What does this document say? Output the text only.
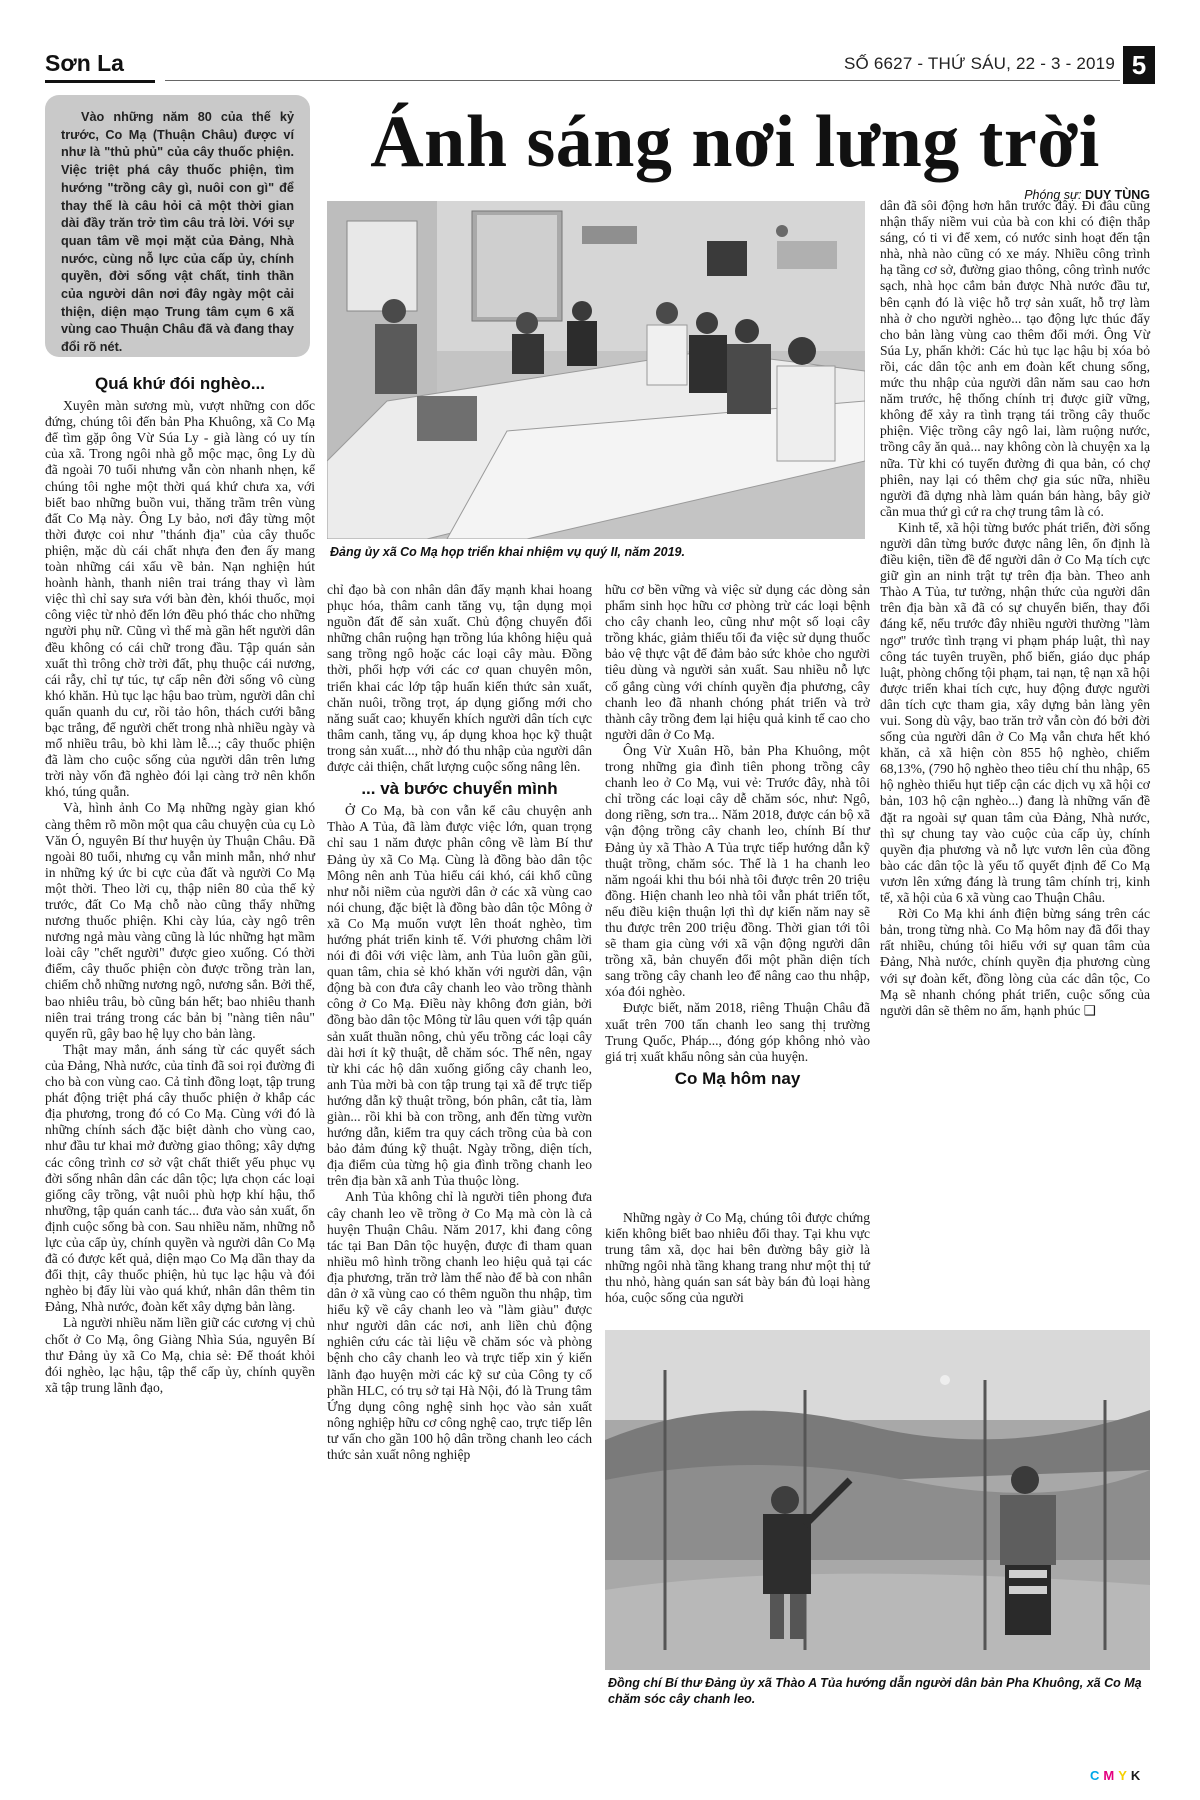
Sơn La	SỐ 6627 - THỨ SÁU, 22 - 3 - 2019 5

Vào những năm 80 của thế kỷ trước, Co Mạ (Thuận Châu) được ví như là "thủ phủ" của cây thuốc phiện. Việc triệt phá cây thuốc phiện, tìm hướng "trồng cây gì, nuôi con gì" để thay thế là câu hỏi cả một thời gian dài đầy trăn trở tìm câu trả lời. Với sự quan tâm về mọi mặt của Đảng, Nhà nước, cùng nỗ lực của cấp ủy, chính quyền, đời sống vật chất, tinh thần của người dân nơi đây ngày một cải thiện, diện mạo Trung tâm cụm 6 xã vùng cao Thuận Châu đã và đang thay đổi rõ nét.

Ánh sáng nơi lưng trời
Phóng sự: DUY TÙNG
Đảng ủy xã Co Mạ họp triển khai nhiệm vụ quý II, năm 2019.
Quá khứ đói nghèo...

Xuyên màn sương mù, vượt những con dốc đứng, chúng tôi đến bản Pha Khuông, xã Co Mạ để tìm gặp ông Vừ Súa Ly - già làng có uy tín của xã. Trong ngôi nhà gỗ mộc mạc, ông Ly dù đã ngoài 70 tuổi nhưng vẫn còn nhanh nhẹn, kể chúng tôi nghe một thời quá khứ chưa xa, với biết bao những buồn vui, thăng trầm trên vùng đất Co Mạ này. Ông Ly bảo, nơi đây từng một thời được coi như "thánh địa" của cây thuốc phiện, mặc dù cái chất nhựa đen đen ấy mang toàn những cái xấu về bản. Nạn nghiện hút hoành hành, thanh niên trai tráng thay vì làm việc thì chỉ say sưa với bàn đèn, khói thuốc, mọi công việc từ nhỏ đến lớn đều phó thác cho những người phụ nữ. Cũng vì thế mà gần hết người dân đều không có cái chữ trong đầu. Tập quán sản xuất thì trông chờ trời đất, phụ thuộc cái nương, cái rẫy, chỉ tự túc, tự cấp nên đời sống vô cùng khó khăn. Hủ tục lạc hậu bao trùm, người dân chỉ quẩn quanh du cư, rồi tảo hôn, thách cưới bằng bạc trắng, để người chết trong nhà nhiều ngày và mổ nhiều trâu, bò khi làm lễ...; cây thuốc phiện đã làm cho cuộc sống của người dân trên lưng trời này vốn đã nghèo đói lại càng trở nên khốn khó, túng quẫn.

Và, hình ảnh Co Mạ những ngày gian khó càng thêm rõ mồn một qua câu chuyện của cụ Lò Văn Ó, nguyên Bí thư huyện ủy Thuận Châu. Đã ngoài 80 tuổi, nhưng cụ vẫn minh mẫn, nhớ như in những ký ức bi cực của đất và người Co Mạ một thời. Theo lời cụ, thập niên 80 của thế kỷ trước, đất Co Mạ chỗ nào cũng thấy những nương thuốc phiện. Khi cày lúa, cày ngô trên nương ngả màu vàng cũng là lúc những hạt mầm loài cây "chết người" được gieo xuống. Có thời điểm, cây thuốc phiện còn được trồng tràn lan, chiếm chỗ những nương ngô, nương sắn. Bởi thế, bao nhiêu trâu, bò cũng bán hết; bao nhiêu thanh niên trai tráng trong các bản bị "nàng tiên nâu" quyến rũ, gây bao hệ lụy cho bản làng.

Thật may mắn, ánh sáng từ các quyết sách của Đảng, Nhà nước, của tỉnh đã soi rọi đường đi cho bà con vùng cao. Cả tỉnh đồng loạt, tập trung phát động triệt phá cây thuốc phiện ở khắp các địa phương, trong đó có Co Mạ. Cùng với đó là những chính sách đặc biệt dành cho vùng cao, như đầu tư khai mở đường giao thông; xây dựng các công trình cơ sở vật chất thiết yếu phục vụ đời sống nhân dân các dân tộc; lựa chọn các loại giống cây trồng, vật nuôi phù hợp khí hậu, thổ nhưỡng, tập quán canh tác... đưa vào sản xuất, ổn định cuộc sống bà con. Sau nhiều năm, những nỗ lực của cấp ủy, chính quyền và người dân Co Mạ đã có được kết quả, diện mạo Co Mạ dần thay da đổi thịt, cây thuốc phiện, hủ tục lạc hậu và đói nghèo bị đẩy lùi vào quá khứ, nhân dân thêm tin Đảng, Nhà nước, đoàn kết xây dựng bản làng.

Là người nhiều năm liền giữ các cương vị chủ chốt ở Co Mạ, ông Giàng Nhìa Súa, nguyên Bí thư Đảng ủy xã Co Mạ, chia sẻ: Để thoát khỏi đói nghèo, lạc hậu, tập thể cấp ủy, chính quyền xã tập trung lãnh đạo,

chỉ đạo bà con nhân dân đẩy mạnh khai hoang phục hóa, thâm canh tăng vụ, tận dụng mọi nguồn đất để sản xuất. Chủ động chuyển đổi những chân ruộng hạn trồng lúa không hiệu quả sang trồng ngô hoặc các loại cây màu. Đồng thời, phối hợp với các cơ quan chuyên môn, triển khai các lớp tập huấn kiến thức sản xuất, chăn nuôi, trồng trọt, áp dụng giống mới cho năng suất cao; khuyến khích người dân tích cực thâm canh, tăng vụ, áp dụng khoa học kỹ thuật trong sản xuất..., nhờ đó thu nhập của người dân được cải thiện, chất lượng cuộc sống nâng lên.

... và bước chuyển mình

Ở Co Mạ, bà con vẫn kể câu chuyện anh Thào A Tủa, đã làm được việc lớn, quan trọng chỉ sau 1 năm được phân công về làm Bí thư Đảng ủy xã Co Mạ. Cùng là đồng bào dân tộc Mông nên anh Tủa hiểu cái khó, cái khổ cũng như nỗi niềm của người dân ở các xã vùng cao nói chung, đặc biệt là đồng bào dân tộc Mông ở xã Co Mạ muốn vượt lên thoát nghèo, tìm hướng phát triển kinh tế. Với phương châm lời nói đi đôi với việc làm, anh Tủa luôn gần gũi, quan tâm, chia sẻ khó khăn với người dân, vận động bà con đưa cây chanh leo vào trồng thành công ở Co Mạ. Điều này không đơn giản, bởi đồng bào dân tộc Mông từ lâu quen với tập quán sản xuất thuần nông, chủ yếu trồng các loại cây dài hơi ít kỹ thuật, dễ chăm sóc. Thế nên, ngay từ khi các hộ dân xuống giống cây chanh leo, anh Tủa mời bà con tập trung tại xã để trực tiếp hướng dẫn kỹ thuật trồng, bón phân, cắt tỉa, làm giàn... rồi khi bà con trồng, anh đến từng vườn hướng dẫn, kiểm tra quy cách trồng của bà con bảo đảm đúng kỹ thuật. Ngày trồng, diện tích, địa điểm của từng hộ gia đình trồng chanh leo trên địa bàn xã anh Tủa thuộc lòng.

Anh Tủa không chỉ là người tiên phong đưa cây chanh leo về trồng ở Co Mạ mà còn là cả huyện Thuận Châu. Năm 2017, khi đang công tác tại Ban Dân tộc huyện, được đi tham quan nhiều mô hình trồng chanh leo hiệu quả tại các địa phương, trăn trở làm thế nào để bà con nhân dân ở xã vùng cao có thêm nguồn thu nhập, tìm hiểu kỹ về cây chanh leo và "làm giàu" được như người dân các nơi, anh liền chủ động nghiên cứu các tài liệu về chăm sóc và phòng bệnh cho cây chanh leo và trực tiếp xin ý kiến lãnh đạo huyện mời các kỹ sư của Công ty cổ phần HLC, có trụ sở tại Hà Nội, đó là Trung tâm Ứng dụng công nghệ sinh học vào sản xuất nông nghiệp hữu cơ công nghệ cao, trực tiếp lên tư vấn cho gần 100 hộ dân trồng chanh leo cách thức sản xuất nông nghiệp

hữu cơ bền vững và việc sử dụng các dòng sản phẩm sinh học hữu cơ phòng trừ các loại bệnh cho cây chanh leo, cũng như một số loại cây trồng khác, giảm thiểu tối đa việc sử dụng thuốc bảo vệ thực vật để đảm bảo sức khỏe cho người tiêu dùng và người sản xuất. Sau nhiều nỗ lực cố gắng cùng với chính quyền địa phương, cây chanh leo đã nhanh chóng phát triển và trở thành cây trồng đem lại hiệu quả kinh tế cao cho người dân ở Co Mạ.

Ông Vừ Xuân Hồ, bản Pha Khuông, một trong những gia đình tiên phong trồng cây chanh leo ở Co Mạ, vui vẻ: Trước đây, nhà tôi chỉ trồng các loại cây dễ chăm sóc, như: Ngô, dong riềng, sơn tra... Năm 2018, được cán bộ xã vận động trồng cây chanh leo, chính Bí thư Đảng ủy xã Thào A Tủa trực tiếp hướng dẫn kỹ thuật trồng, chăm sóc. Thế là 1 ha chanh leo năm ngoái khi thu bói nhà tôi được trên 20 triệu đồng. Hiện chanh leo nhà tôi vẫn phát triển tốt, nếu điều kiện thuận lợi thì dự kiến năm nay sẽ thu được trên 200 triệu đồng. Thời gian tới tôi sẽ tham gia cùng với xã vận động người dân trồng xã, bản chuyển đổi một phần diện tích sang trồng cây chanh leo để nâng cao thu nhập, xóa đói nghèo.

Được biết, năm 2018, riêng Thuận Châu đã xuất trên 700 tấn chanh leo sang thị trường Trung Quốc, Pháp..., đóng góp không nhỏ vào giá trị xuất khẩu nông sản của huyện.

Co Mạ hôm nay

Những ngày ở Co Mạ, chúng tôi được chứng kiến không biết bao nhiêu đổi thay. Tại khu vực trung tâm xã, dọc hai bên đường bây giờ là những ngôi nhà tầng khang trang như một thị tứ thu nhỏ, hàng quán san sát bày bán đủ loại hàng hóa, cuộc sống của người

dân đã sôi động hơn hẳn trước đây. Đi đâu cũng nhận thấy niềm vui của bà con khi có điện thắp sáng, có ti vi để xem, có nước sinh hoạt đến tận nhà, nhà nào cũng có xe máy. Nhiều công trình hạ tầng cơ sở, đường giao thông, công trình nước sạch, nhà học cắm bản được Nhà nước đầu tư, bên cạnh đó là việc hỗ trợ sản xuất, hỗ trợ làm nhà ở cho người nghèo... tạo động lực thúc đẩy cho bản làng vùng cao thêm đổi mới. Ông Vừ Súa Ly, phấn khởi: Các hủ tục lạc hậu bị xóa bỏ rồi, các dân tộc anh em đoàn kết chung sống, mức thu nhập của người dân năm sau cao hơn năm trước, hệ thống chính trị được giữ vững, không để xảy ra tình trạng tái trồng cây thuốc phiện. Việc trồng cây ngô lai, làm ruộng nước, trồng cây ăn quả... nay không còn là chuyện xa lạ nữa. Từ khi có tuyến đường đi qua bản, có chợ phiên, nay lại có thêm chợ gia súc nữa, nhiều người đã dựng nhà làm quán bán hàng, bây giờ cần mua thứ gì cứ ra chợ trung tâm là có.

Kinh tế, xã hội từng bước phát triển, đời sống người dân từng bước được nâng lên, ổn định là điều kiện, tiền đề để người dân ở Co Mạ tích cực giữ gìn an ninh trật tự trên địa bàn. Theo anh Thào A Tủa, tư tưởng, nhận thức của người dân trên địa bàn xã đã có sự chuyển biến, thay đổi đáng kể, nếu trước đây nhiều người thường "làm ngơ" trước tình trạng vi phạm pháp luật, thì nay công tác tuyên truyền, phổ biến, giáo dục pháp luật, phòng chống tội phạm, tai nạn, tệ nạn xã hội được triển khai tích cực, huy động được người dân tích cực tham gia, xây dựng bản làng yên vui. Song dù vậy, bao trăn trở vẫn còn đó bởi đời sống của người dân ở Co Mạ vẫn chưa hết khó khăn, cả xã hiện còn 855 hộ nghèo, chiếm 68,13%, (790 hộ nghèo theo tiêu chí thu nhập, 65 hộ nghèo thiếu hụt tiếp cận các dịch vụ xã hội cơ bản, 103 hộ cận nghèo...) đang là những vấn đề đặt ra ngoài sự quan tâm của Đảng, Nhà nước, thì sự chung tay vào cuộc của cấp ủy, chính quyền địa phương và nỗ lực vươn lên của đồng bào các dân tộc là yếu tố quyết định để Co Mạ vươn lên xứng đáng là trung tâm chính trị, kinh tế, xã hội của 6 xã vùng cao Thuận Châu.

Rời Co Mạ khi ánh điện bừng sáng trên các bản, trong từng nhà. Co Mạ hôm nay đã đổi thay rất nhiều, chúng tôi hiểu với sự quan tâm của Đảng, Nhà nước, chính quyền địa phương cùng với sự đoàn kết, đồng lòng của các dân tộc, Co Mạ sẽ nhanh chóng phát triển, cuộc sống của người dân sẽ thêm no ấm, hạnh phúc ❑

Đồng chí Bí thư Đảng ủy xã Thào A Tủa hướng dẫn người dân bản Pha Khuông, xã Co Mạ chăm sóc cây chanh leo.
CMYK
